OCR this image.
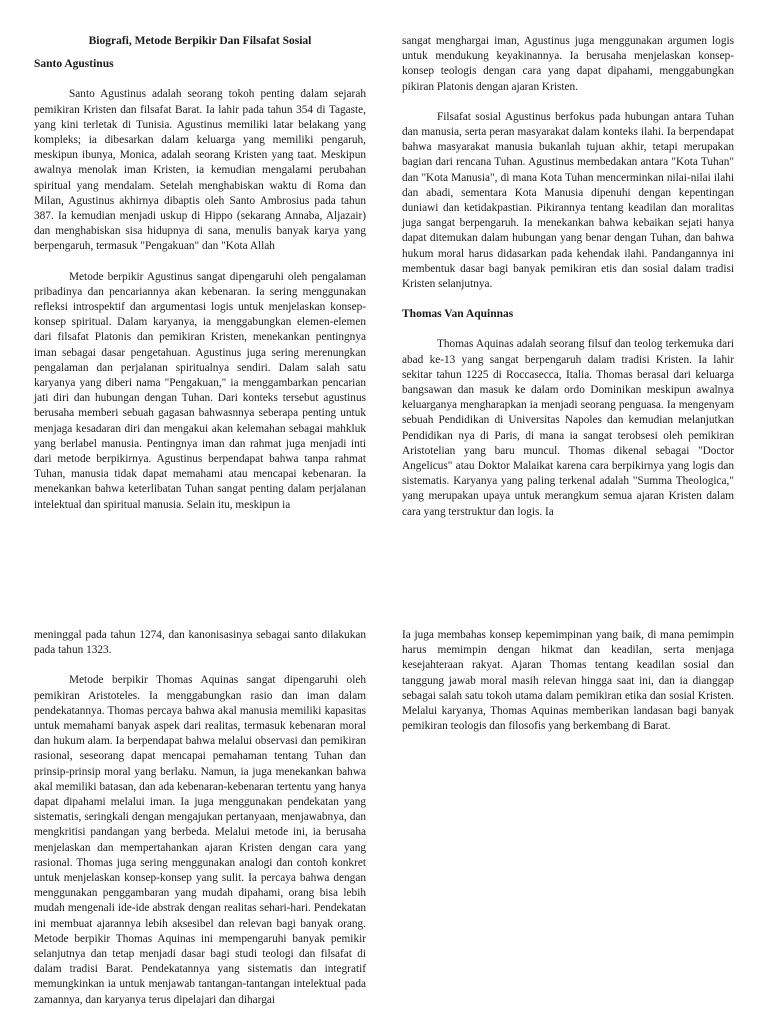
Biografi, Metode Berpikir Dan Filsafat Sosial
Santo Agustinus

Santo Agustinus adalah seorang tokoh penting dalam sejarah pemikiran Kristen dan filsafat Barat. Ia lahir pada tahun 354 di Tagaste, yang kini terletak di Tunisia. Agustinus memiliki latar belakang yang kompleks; ia dibesarkan dalam keluarga yang memiliki pengaruh, meskipun ibunya, Monica, adalah seorang Kristen yang taat. Meskipun awalnya menolak iman Kristen, ia kemudian mengalami perubahan spiritual yang mendalam. Setelah menghabiskan waktu di Roma dan Milan, Agustinus akhirnya dibaptis oleh Santo Ambrosius pada tahun 387. Ia kemudian menjadi uskup di Hippo (sekarang Annaba, Aljazair) dan menghabiskan sisa hidupnya di sana, menulis banyak karya yang berpengaruh, termasuk "Pengakuan" dan "Kota Allah

Metode berpikir Agustinus sangat dipengaruhi oleh pengalaman pribadinya dan pencariannya akan kebenaran. Ia sering menggunakan refleksi introspektif dan argumentasi logis untuk menjelaskan konsep-konsep spiritual. Dalam karyanya, ia menggabungkan elemen-elemen dari filsafat Platonis dan pemikiran Kristen, menekankan pentingnya iman sebagai dasar pengetahuan. Agustinus juga sering merenungkan pengalaman dan perjalanan spiritualnya sendiri. Dalam salah satu karyanya yang diberi nama "Pengakuan," ia menggambarkan pencarian jati diri dan hubungan dengan Tuhan. Dari konteks tersebut agustinus berusaha memberi sebuah gagasan bahwasnnya seberapa penting untuk menjaga kesadaran diri dan mengakui akan kelemahan sebagai mahkluk yang berlabel manusia. Pentingnya iman dan rahmat juga menjadi inti dari metode berpikirnya. Agustinus berpendapat bahwa tanpa rahmat Tuhan, manusia tidak dapat memahami atau mencapai kebenaran. Ia menekankan bahwa keterlibatan Tuhan sangat penting dalam perjalanan intelektual dan spiritual manusia. Selain itu, meskipun ia

sangat menghargai iman, Agustinus juga menggunakan argumen logis untuk mendukung keyakinannya. Ia berusaha menjelaskan konsep-konsep teologis dengan cara yang dapat dipahami, menggabungkan pikiran Platonis dengan ajaran Kristen.

Filsafat sosial Agustinus berfokus pada hubungan antara Tuhan dan manusia, serta peran masyarakat dalam konteks ilahi. Ia berpendapat bahwa masyarakat manusia bukanlah tujuan akhir, tetapi merupakan bagian dari rencana Tuhan. Agustinus membedakan antara "Kota Tuhan" dan "Kota Manusia", di mana Kota Tuhan mencerminkan nilai-nilai ilahi dan abadi, sementara Kota Manusia dipenuhi dengan kepentingan duniawi dan ketidakpastian. Pikirannya tentang keadilan dan moralitas juga sangat berpengaruh. Ia menekankan bahwa kebaikan sejati hanya dapat ditemukan dalam hubungan yang benar dengan Tuhan, dan bahwa hukum moral harus didasarkan pada kehendak ilahi. Pandangannya ini membentuk dasar bagi banyak pemikiran etis dan sosial dalam tradisi Kristen selanjutnya.

Thomas Van Aquinnas

Thomas Aquinas adalah seorang filsuf dan teolog terkemuka dari abad ke-13 yang sangat berpengaruh dalam tradisi Kristen. Ia lahir sekitar tahun 1225 di Roccasecca, Italia. Thomas berasal dari keluarga bangsawan dan masuk ke dalam ordo Dominikan meskipun awalnya keluarganya mengharapkan ia menjadi seorang penguasa. Ia mengenyam sebuah Pendidikan di Universitas Napoles dan kemudian melanjutkan Pendidikan nya di Paris, di mana ia sangat terobsesi oleh pemikiran Aristotelian yang baru muncul. Thomas dikenal sebagai "Doctor Angelicus" atau Doktor Malaikat karena cara berpikirnya yang logis dan sistematis. Karyanya yang paling terkenal adalah "Summa Theologica," yang merupakan upaya untuk merangkum semua ajaran Kristen dalam cara yang terstruktur dan logis. Ia

meninggal pada tahun 1274, dan kanonisasinya sebagai santo dilakukan pada tahun 1323.

Metode berpikir Thomas Aquinas sangat dipengaruhi oleh pemikiran Aristoteles. Ia menggabungkan rasio dan iman dalam pendekatannya. Thomas percaya bahwa akal manusia memiliki kapasitas untuk memahami banyak aspek dari realitas, termasuk kebenaran moral dan hukum alam. Ia berpendapat bahwa melalui observasi dan pemikiran rasional, seseorang dapat mencapai pemahaman tentang Tuhan dan prinsip-prinsip moral yang berlaku. Namun, ia juga menekankan bahwa akal memiliki batasan, dan ada kebenaran-kebenaran tertentu yang hanya dapat dipahami melalui iman. Ia juga menggunakan pendekatan yang sistematis, seringkali dengan mengajukan pertanyaan, menjawabnya, dan mengkritisi pandangan yang berbeda. Melalui metode ini, ia berusaha menjelaskan dan mempertahankan ajaran Kristen dengan cara yang rasional. Thomas juga sering menggunakan analogi dan contoh konkret untuk menjelaskan konsep-konsep yang sulit. Ia percaya bahwa dengan menggunakan penggambaran yang mudah dipahami, orang bisa lebih mudah mengenali ide-ide abstrak dengan realitas sehari-hari. Pendekatan ini membuat ajarannya lebih aksesibel dan relevan bagi banyak orang. Metode berpikir Thomas Aquinas ini mempengaruhi banyak pemikir selanjutnya dan tetap menjadi dasar bagi studi teologi dan filsafat di dalam tradisi Barat. Pendekatannya yang sistematis dan integratif memungkinkan ia untuk menjawab tantangan-tantangan intelektual pada zamannya, dan karyanya terus dipelajari dan dihargai

Ia juga membahas konsep kepemimpinan yang baik, di mana pemimpin harus memimpin dengan hikmat dan keadilan, serta menjaga kesejahteraan rakyat. Ajaran Thomas tentang keadilan sosial dan tanggung jawab moral masih relevan hingga saat ini, dan ia dianggap sebagai salah satu tokoh utama dalam pemikiran etika dan sosial Kristen. Melalui karyanya, Thomas Aquinas memberikan landasan bagi banyak pemikiran teologis dan filosofis yang berkembang di Barat.
